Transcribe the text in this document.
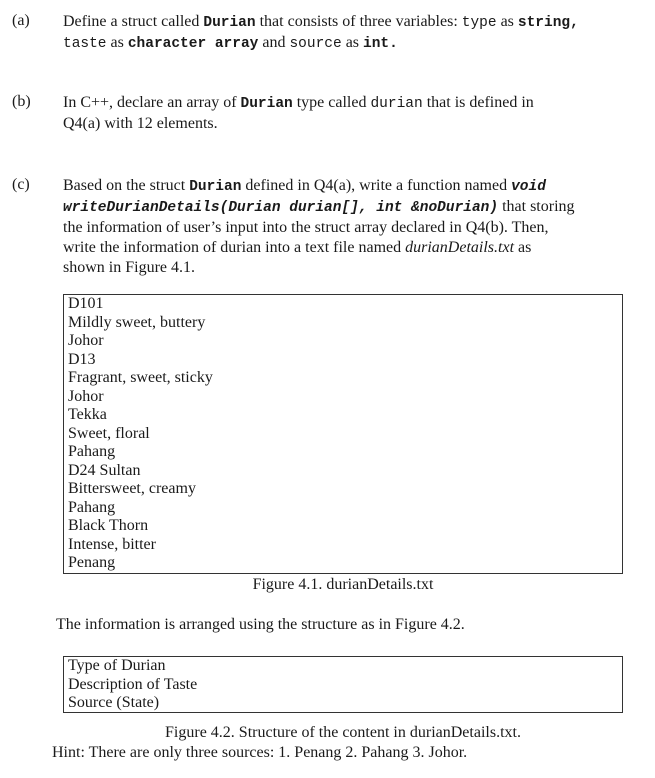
(a) Define a struct called Durian that consists of three variables: type as string,
taste as character array and source as int.
(b) In C++, declare an array of Durian type called durian that is defined in
Q4(a) with 12 elements.
(c) Based on the struct Durian defined in Q4(a), write a function named void
writeDurianDetails(Durian durian[], int &noDurian) that storing
the information of user’s input into the struct array declared in Q4(b). Then,
write the information of durian into a text file named durianDetails.txt as
shown in Figure 4.1.
D101
Mildly sweet, buttery
Johor
D13
Fragrant, sweet, sticky
Johor
Tekka
Sweet, floral
Pahang
D24 Sultan
Bittersweet, creamy
Pahang
Black Thorn
Intense, bitter
Penang
Figure 4.1. durianDetails.txt
The information is arranged using the structure as in Figure 4.2.
Type of Durian
Description of Taste
Source (State)
Figure 4.2. Structure of the content in durianDetails.txt.
Hint: There are only three sources: 1. Penang 2. Pahang 3. Johor.
